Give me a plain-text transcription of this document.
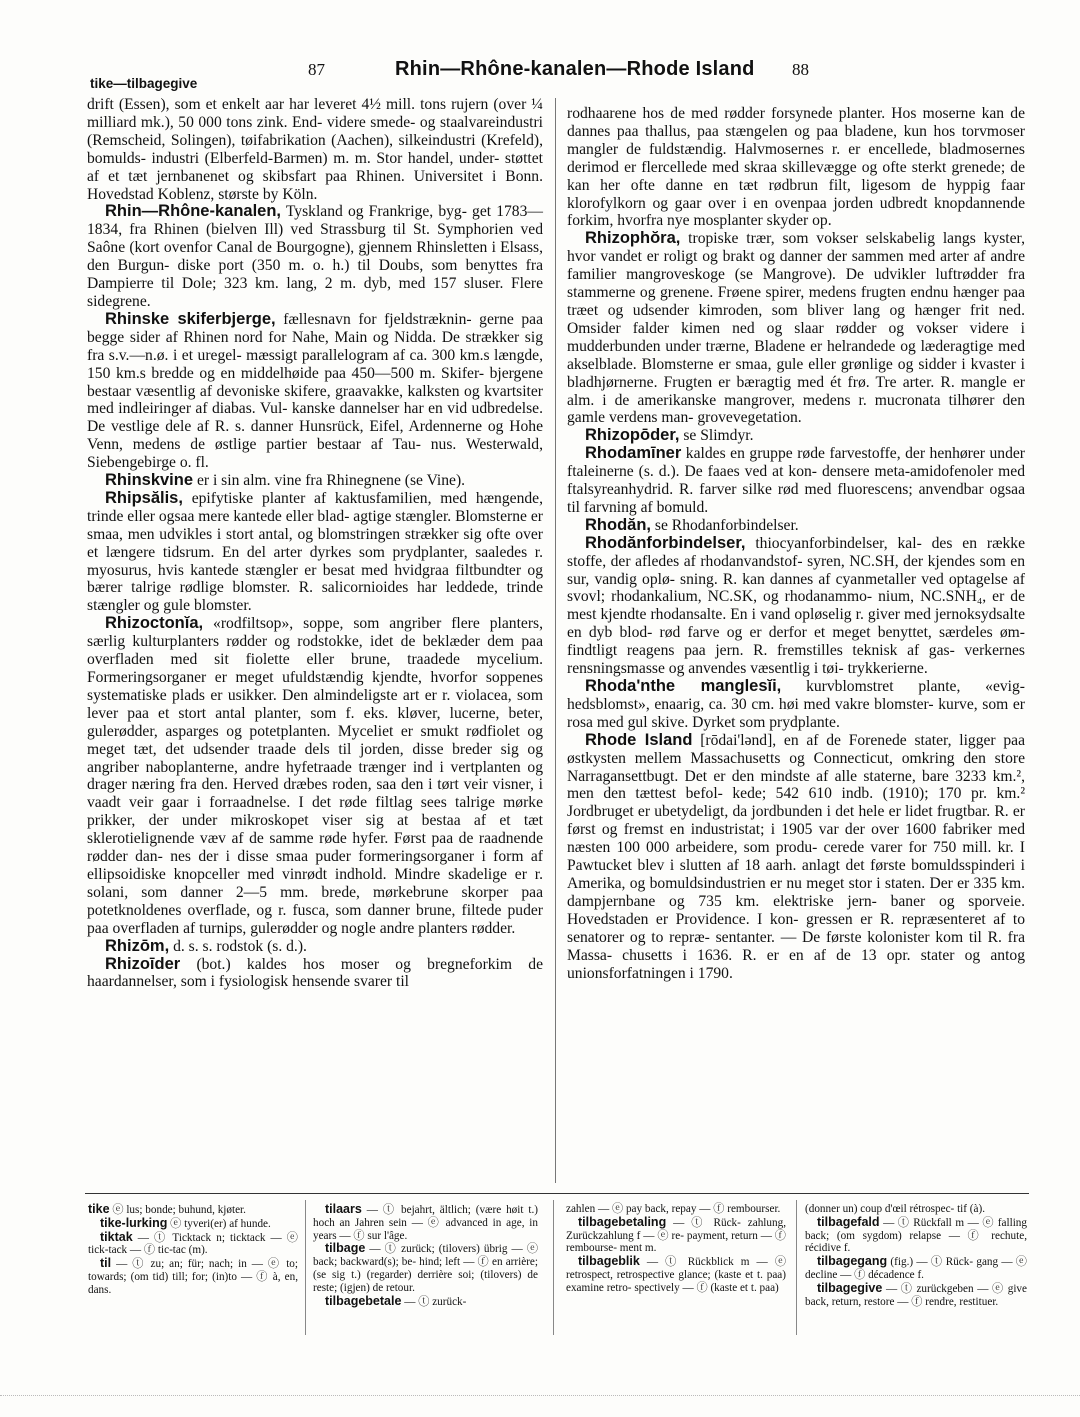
87	Rhin—Rhône-kanalen—Rhode Island 88
tike—tilbagegive

drift (Essen), som et enkelt aar har leveret 4½ mill. tons rujern (over ¼ milliard mk.), 50 000 tons zink. End- videre smede- og staalvareindustri (Remscheid, Solingen), tøifabrikation (Aachen), silkeindustri (Krefeld), bomulds- industri (Elberfeld-Barmen) m. m. Stor handel, under- støttet af et tæt jernbanenet og skibsfart paa Rhinen. Universitet i Bonn. Hovedstad Koblenz, største by Köln.

Rhin—Rhône-kanalen, Tyskland og Frankrige, byg- get 1783—1834, fra Rhinen (bielven Ill) ved Strassburg til St. Symphorien ved Saône (kort ovenfor Canal de Bourgogne), gjennem Rhinsletten i Elsass, den Burgun- diske port (350 m. o. h.) til Doubs, som benyttes fra Dampierre til Dole; 323 km. lang, 2 m. dyb, med 157 sluser. Flere sidegrene.

Rhinske skiferbjerge, fællesnavn for fjeldstræknin- gerne paa begge sider af Rhinen nord for Nahe, Main og Nidda. De strækker sig fra s.v.—n.ø. i et uregel- mæssigt parallelogram af ca. 300 km.s længde, 150 km.s bredde og en middelhøide paa 450—500 m. Skifer- bjergene bestaar væsentlig af devoniske skifere, graavakke, kalksten og kvartsiter med indleiringer af diabas. Vul- kanske dannelser har en vid udbredelse. De vestlige dele af R. s. danner Hunsrück, Eifel, Ardennerne og Hohe Venn, medens de østlige partier bestaar af Tau- nus. Westerwald, Siebengebirge o. fl.

Rhinskvine er i sin alm. vine fra Rhinegnene (se Vine).

Rhipsălis, epifytiske planter af kaktusfamilien, med hængende, trinde eller ogsaa mere kantede eller blad- agtige stængler. Blomsterne er smaa, men udvikles i stort antal, og blomstringen strækker sig ofte over et længere tidsrum. En del arter dyrkes som prydplanter, saaledes r. myosurus, hvis kantede stængler er besat med hvidgraa filtbundter og bærer talrige rødlige blomster. R. salicornioides har leddede, trinde stængler og gule blomster.

Rhizoctonĭa, «rodfiltsop», soppe, som angriber flere planters, særlig kulturplanters rødder og rodstokke, idet de beklæder dem paa overfladen med sit fiolette eller brune, traadede mycelium. Formeringsorganer er meget ufuldstændig kjendte, hvorfor soppenes systematiske plads er usikker. Den almindeligste art er r. violacea, som lever paa et stort antal planter, som f. eks. kløver, lucerne, beter, gulerødder, asparges og potetplanten. Myceliet er smukt rødfiolet og meget tæt, det udsender traade dels til jorden, disse breder sig og angriber naboplanterne, andre hyfetraade trænger ind i vertplanten og drager næring fra den. Herved dræbes roden, saa den i tørt veir visner, i vaadt veir gaar i forraadnelse. I det røde filtlag sees talrige mørke prikker, der under mikroskopet viser sig at bestaa af et tæt sklerotielignende væv af de samme røde hyfer. Først paa de raadnende rødder dan- nes der i disse smaa puder formeringsorganer i form af ellipsoidiske knopceller med vinrødt indhold. Mindre skadelige er r. solani, som danner 2—5 mm. brede, mørkebrune skorper paa potetknoldenes overflade, og r. fusca, som danner brune, filtede puder paa overfladen af turnips, gulerødder og nogle andre planters rødder.

Rhizōm, d. s. s. rodstok (s. d.).

Rhizoīder (bot.) kaldes hos moser og bregneforkim de haardannelser, som i fysiologisk hensende svarer til

rodhaarene hos de med rødder forsynede planter. Hos moserne kan de dannes paa thallus, paa stængelen og paa bladene, kun hos torvmoser mangler de fuldstændig. Halvmosernes r. er encellede, bladmosernes derimod er flercellede med skraa skillevægge og ofte sterkt grenede; de kan her ofte danne en tæt rødbrun filt, ligesom de hyppig faar klorofylkorn og gaar over i en ovenpaa jorden udbredt knopdannende forkim, hvorfra nye mosplanter skyder op.

Rhizophŏra, tropiske trær, som vokser selskabelig langs kyster, hvor vandet er roligt og brakt og danner der sammen med arter af andre familier mangroveskoge (se Mangrove). De udvikler luftrødder fra stammerne og grenene. Frøene spirer, medens frugten endnu hænger paa træet og udsender kimroden, som bliver lang og hænger frit ned. Omsider falder kimen ned og slaar rødder og vokser videre i mudderbunden under trærne, Bladene er helrandede og læderagtige med akselblade. Blomsterne er smaa, gule eller grønlige og sidder i kvaster i bladhjørnerne. Frugten er bæragtig med ét frø. Tre arter. R. mangle er alm. i de amerikanske mangrover, medens r. mucronata tilhører den gamle verdens man- grovevegetation.

Rhizopōder, se Slimdyr.

Rhodamīner kaldes en gruppe røde farvestoffe, der henhører under ftaleinerne (s. d.). De faaes ved at kon- densere meta-amidofenoler med ftalsyreanhydrid. R. farver silke rød med fluorescens; anvendbar ogsaa til farvning af bomuld.

Rhodăn, se Rhodanforbindelser.

Rhodănforbindelser, thiocyanforbindelser, kal- des en række stoffe, der afledes af rhodanvandstof- syren, NC.SH, der kjendes som en sur, vandig oplø- sning. R. kan dannes af cyanmetaller ved optagelse af svovl; rhodankalium, NC.SK, og rhodanammo- nium, NC.SNH₄, er de mest kjendte rhodansalte. En i vand opløselig r. giver med jernoksydsalte en dyb blod- rød farve og er derfor et meget benyttet, særdeles øm- findtligt reagens paa jern. R. fremstilles teknisk af gas- verkernes rensningsmasse og anvendes væsentlig i tøi- trykkerierne.

Rhoda'nthe manglesĭi, kurvblomstret plante, «evig- hedsblomst», enaarig, ca. 30 cm. høi med vakre blomster- kurve, som er rosa med gul skive. Dyrket som prydplante.

Rhode Island [rōdai'lənd], en af de Forenede stater, ligger paa østkysten mellem Massachusetts og Connecticut, omkring den store Narragansettbugt. Det er den mindste af alle staterne, bare 3233 km.², men den tættest befol- kede; 542 610 indb. (1910); 170 pr. km.² Jordbruget er ubetydeligt, da jordbunden i det hele er lidet frugtbar. R. er først og fremst en industristat; i 1905 var der over 1600 fabriker med næsten 100 000 arbeidere, som produ- cerede varer for 750 mill. kr. I Pawtucket blev i slutten af 18 aarh. anlagt det første bomuldsspinderi i Amerika, og bomuldsindustrien er nu meget stor i staten. Der er 335 km. dampjernbane og 735 km. elektriske jern- baner og sporveie. Hovedstaden er Providence. I kon- gressen er R. repræsenteret af to senatorer og to repræ- sentanter. — De første kolonister kom til R. fra Massa- chusetts i 1636. R. er en af de 13 opr. stater og antog unionsforfatningen i 1790.

tike ⓔ lus; bonde; buhund, kjøter.

tike-lurking ⓔ tyveri(er) af hunde.

tiktak — ⓣ Ticktack n; ticktack — ⓔ tick-tack — ⓕ tic-tac (m).

til — ⓣ zu; an; für; nach; in — ⓔ to; towards; (om tid) till; for; (in)to — ⓕ à, en, dans.

tilaars — ⓣ bejahrt, ältlich; (være høit t.) hoch an Jahren sein — ⓔ advanced in age, in years — ⓕ sur l'âge.

tilbage — ⓣ zurück; (tilovers) übrig — ⓔ back; backward(s); be- hind; left — ⓕ en arrière; (se sig t.) (regarder) derrière soi; (tilovers) de reste; (igjen) de retour.

tilbagebetale — ⓣ zurück-

zahlen — ⓔ pay back, repay — ⓕ rembourser.

tilbagebetaling — ⓣ Rück- zahlung, Zurückzahlung f — ⓔ re- payment, return — ⓕ rembourse- ment m.

tilbageblik — ⓣ Rückblick m — ⓔ retrospect, retrospective glance; (kaste et t. paa) examine retro- spectively — ⓕ (kaste et t. paa)

(donner un) coup d'œil rétrospec- tif (à).

tilbagefald — ⓣ Rückfall m — ⓔ falling back; (om sygdom) relapse — ⓕ rechute, récidive f.

tilbagegang (fig.) — ⓣ Rück- gang — ⓔ decline — ⓕ décadence f.

tilbagegive — ⓣ zurückgeben — ⓔ give back, return, restore — ⓕ rendre, restituer.
